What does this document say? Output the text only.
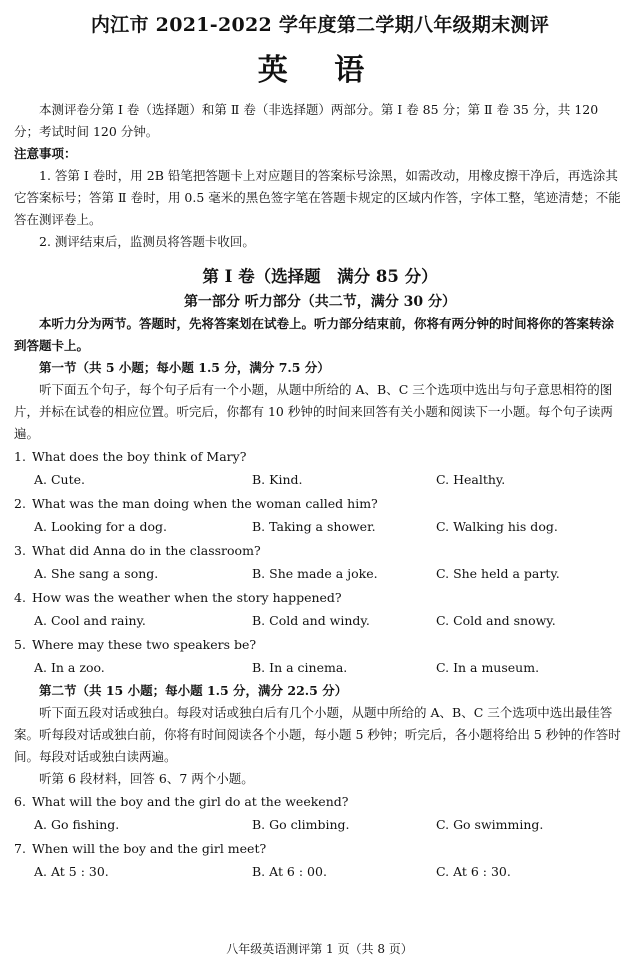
内江市 2021-2022 学年度第二学期八年级期末测评
英 语

本测评卷分第 Ⅰ 卷（选择题）和第 Ⅱ 卷（非选择题）两部分。第 Ⅰ 卷 85 分；第 Ⅱ 卷 35 分，共 120 分；考试时间 120 分钟。

注意事项：

1. 答第 Ⅰ 卷时，用 2B 铅笔把答题卡上对应题目的答案标号涂黑，如需改动，用橡皮擦干净后，再选涂其它答案标号；答第 Ⅱ 卷时，用 0.5 毫米的黑色签字笔在答题卡规定的区域内作答，字体工整，笔迹清楚；不能答在测评卷上。

2. 测评结束后，监测员将答题卡收回。

第 Ⅰ 卷（选择题　满分 85 分）
第一部分 听力部分（共二节，满分 30 分）

本听力分为两节。答题时，先将答案划在试卷上。听力部分结束前，你将有两分钟的时间将你的答案转涂到答题卡上。

第一节（共 5 小题；每小题 1.5 分，满分 7.5 分）

听下面五个句子，每个句子后有一个小题，从题中所给的 A、B、C 三个选项中选出与句子意思相符的图片，并标在试卷的相应位置。听完后，你都有 10 秒钟的时间来回答有关小题和阅读下一小题。每个句子读两遍。

1. What does the boy think of Mary?

A. Cute.	B. Kind.	C. Healthy.

2. What was the man doing when the woman called him?

A. Looking for a dog.	B. Taking a shower.	C. Walking his dog.

3. What did Anna do in the classroom?

A. She sang a song.	B. She made a joke.	C. She held a party.

4. How was the weather when the story happened?

A. Cool and rainy.	B. Cold and windy.	C. Cold and snowy.

5. Where may these two speakers be?

A. In a zoo.	B. In a cinema.	C. In a museum.

第二节（共 15 小题；每小题 1.5 分，满分 22.5 分）

听下面五段对话或独白。每段对话或独白后有几个小题，从题中所给的 A、B、C 三个选项中选出最佳答案。听每段对话或独白前，你将有时间阅读各个小题，每小题 5 秒钟；听完后，各小题将给出 5 秒钟的作答时间。每段对话或独白读两遍。

听第 6 段材料，回答 6、7 两个小题。

6. What will the boy and the girl do at the weekend?

A. Go fishing.	B. Go climbing.	C. Go swimming.

7. When will the boy and the girl meet?

A. At 5 : 30.	B. At 6 : 00.	C. At 6 : 30.
八年级英语测评第 1 页（共 8 页）
